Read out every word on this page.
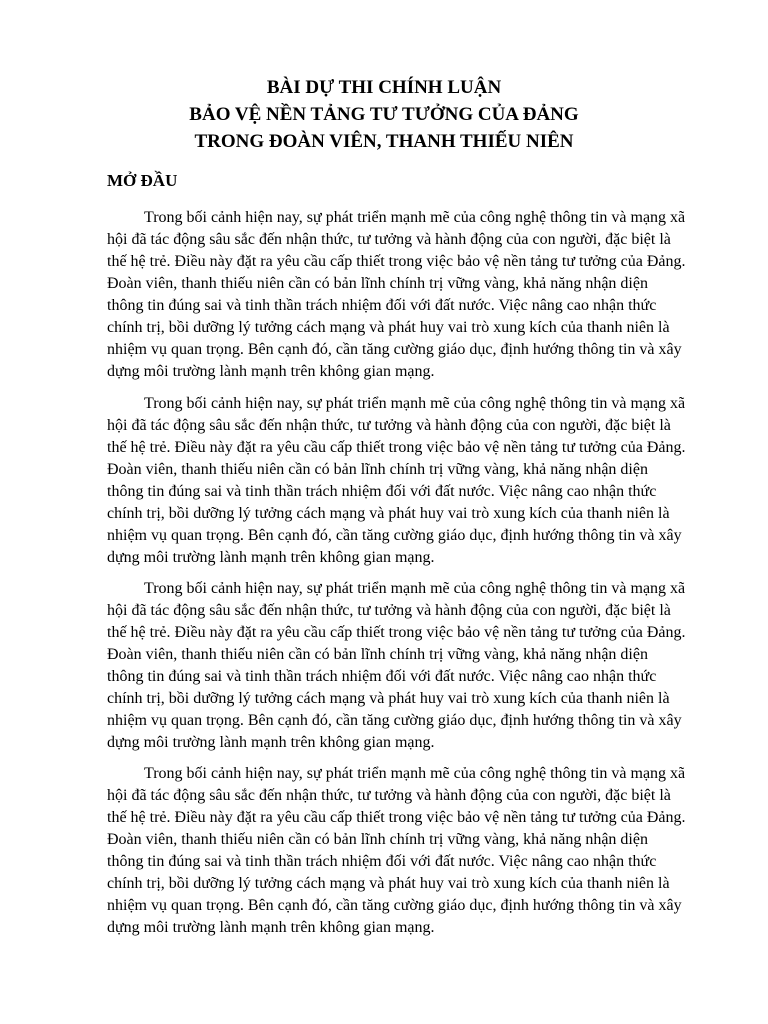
BÀI DỰ THI CHÍNH LUẬN
BẢO VỆ NỀN TẢNG TƯ TƯỞNG CỦA ĐẢNG
TRONG ĐOÀN VIÊN, THANH THIẾU NIÊN
MỞ ĐẦU

Trong bối cảnh hiện nay, sự phát triển mạnh mẽ của công nghệ thông tin và mạng xã
hội đã tác động sâu sắc đến nhận thức, tư tưởng và hành động của con người, đặc biệt là
thế hệ trẻ. Điều này đặt ra yêu cầu cấp thiết trong việc bảo vệ nền tảng tư tưởng của Đảng.
Đoàn viên, thanh thiếu niên cần có bản lĩnh chính trị vững vàng, khả năng nhận diện
thông tin đúng sai và tinh thần trách nhiệm đối với đất nước. Việc nâng cao nhận thức
chính trị, bồi dưỡng lý tưởng cách mạng và phát huy vai trò xung kích của thanh niên là
nhiệm vụ quan trọng. Bên cạnh đó, cần tăng cường giáo dục, định hướng thông tin và xây
dựng môi trường lành mạnh trên không gian mạng.

Trong bối cảnh hiện nay, sự phát triển mạnh mẽ của công nghệ thông tin và mạng xã
hội đã tác động sâu sắc đến nhận thức, tư tưởng và hành động của con người, đặc biệt là
thế hệ trẻ. Điều này đặt ra yêu cầu cấp thiết trong việc bảo vệ nền tảng tư tưởng của Đảng.
Đoàn viên, thanh thiếu niên cần có bản lĩnh chính trị vững vàng, khả năng nhận diện
thông tin đúng sai và tinh thần trách nhiệm đối với đất nước. Việc nâng cao nhận thức
chính trị, bồi dưỡng lý tưởng cách mạng và phát huy vai trò xung kích của thanh niên là
nhiệm vụ quan trọng. Bên cạnh đó, cần tăng cường giáo dục, định hướng thông tin và xây
dựng môi trường lành mạnh trên không gian mạng.

Trong bối cảnh hiện nay, sự phát triển mạnh mẽ của công nghệ thông tin và mạng xã
hội đã tác động sâu sắc đến nhận thức, tư tưởng và hành động của con người, đặc biệt là
thế hệ trẻ. Điều này đặt ra yêu cầu cấp thiết trong việc bảo vệ nền tảng tư tưởng của Đảng.
Đoàn viên, thanh thiếu niên cần có bản lĩnh chính trị vững vàng, khả năng nhận diện
thông tin đúng sai và tinh thần trách nhiệm đối với đất nước. Việc nâng cao nhận thức
chính trị, bồi dưỡng lý tưởng cách mạng và phát huy vai trò xung kích của thanh niên là
nhiệm vụ quan trọng. Bên cạnh đó, cần tăng cường giáo dục, định hướng thông tin và xây
dựng môi trường lành mạnh trên không gian mạng.

Trong bối cảnh hiện nay, sự phát triển mạnh mẽ của công nghệ thông tin và mạng xã
hội đã tác động sâu sắc đến nhận thức, tư tưởng và hành động của con người, đặc biệt là
thế hệ trẻ. Điều này đặt ra yêu cầu cấp thiết trong việc bảo vệ nền tảng tư tưởng của Đảng.
Đoàn viên, thanh thiếu niên cần có bản lĩnh chính trị vững vàng, khả năng nhận diện
thông tin đúng sai và tinh thần trách nhiệm đối với đất nước. Việc nâng cao nhận thức
chính trị, bồi dưỡng lý tưởng cách mạng và phát huy vai trò xung kích của thanh niên là
nhiệm vụ quan trọng. Bên cạnh đó, cần tăng cường giáo dục, định hướng thông tin và xây
dựng môi trường lành mạnh trên không gian mạng.
